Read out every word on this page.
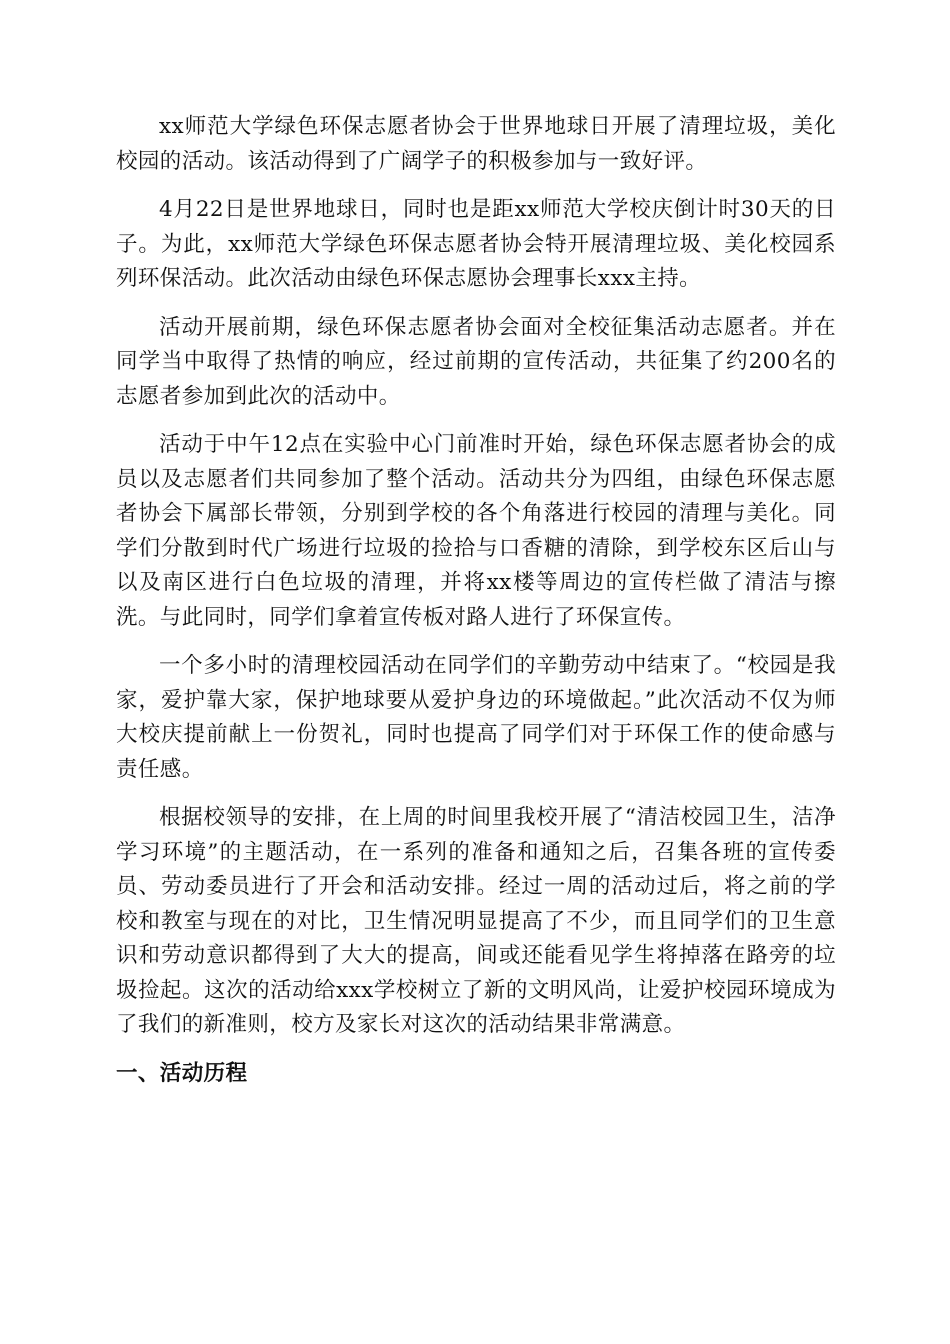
xx师范大学绿色环保志愿者协会于世界地球日开展了清理垃圾，美化校园的活动。该活动得到了广阔学子的积极参加与一致好评。

4月22日是世界地球日，同时也是距xx师范大学校庆倒计时30天的日子。为此，xx师范大学绿色环保志愿者协会特开展清理垃圾、美化校园系列环保活动。此次活动由绿色环保志愿协会理事长xxx主持。

活动开展前期，绿色环保志愿者协会面对全校征集活动志愿者。并在同学当中取得了热情的响应，经过前期的宣传活动，共征集了约200名的志愿者参加到此次的活动中。

活动于中午12点在实验中心门前准时开始，绿色环保志愿者协会的成员以及志愿者们共同参加了整个活动。活动共分为四组，由绿色环保志愿者协会下属部长带领，分别到学校的各个角落进行校园的清理与美化。同学们分散到时代广场进行垃圾的捡拾与口香糖的清除，到学校东区后山与以及南区进行白色垃圾的清理，并将xx楼等周边的宣传栏做了清洁与擦洗。与此同时，同学们拿着宣传板对路人进行了环保宣传。

一个多小时的清理校园活动在同学们的辛勤劳动中结束了。“校园是我家，爱护靠大家，保护地球要从爱护身边的环境做起。”此次活动不仅为师大校庆提前献上一份贺礼，同时也提高了同学们对于环保工作的使命感与责任感。

根据校领导的安排，在上周的时间里我校开展了“清洁校园卫生，洁净学习环境”的主题活动，在一系列的准备和通知之后，召集各班的宣传委员、劳动委员进行了开会和活动安排。经过一周的活动过后，将之前的学校和教室与现在的对比，卫生情况明显提高了不少，而且同学们的卫生意识和劳动意识都得到了大大的提高，间或还能看见学生将掉落在路旁的垃圾捡起。这次的活动给xxx学校树立了新的文明风尚，让爱护校园环境成为了我们的新准则，校方及家长对这次的活动结果非常满意。

一、活动历程
